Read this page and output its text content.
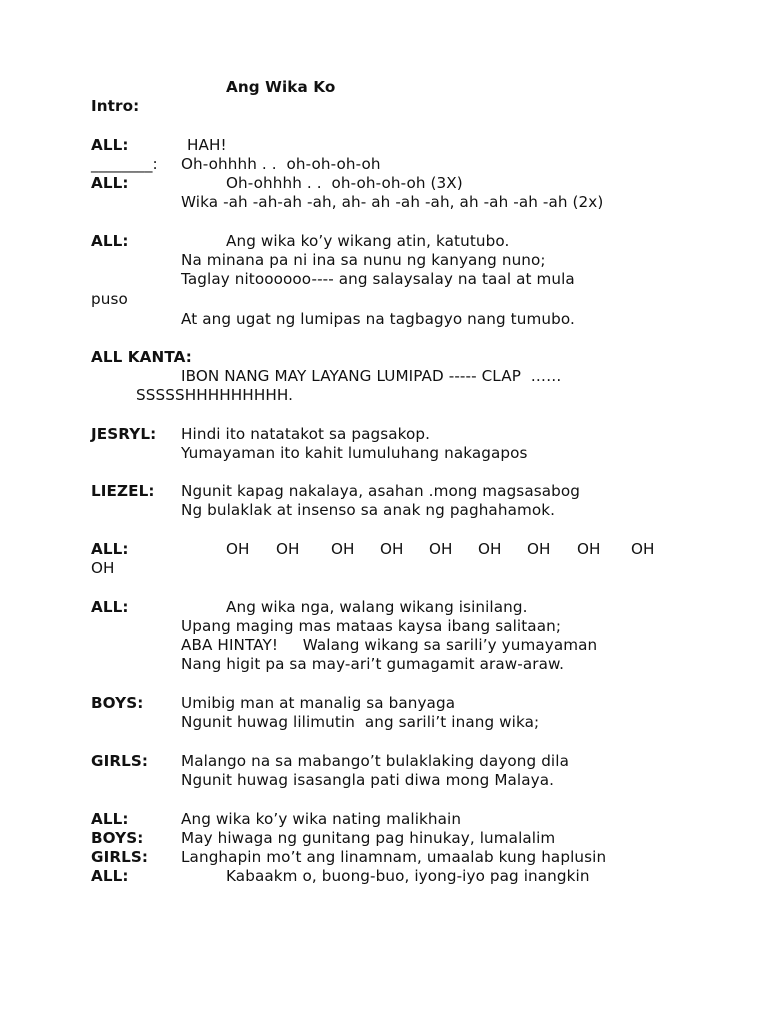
Ang Wika Ko
Intro:
ALL:	HAH!
________: Oh-ohhhh . .  oh-oh-oh-oh
ALL:	Oh-ohhhh . .  oh-oh-oh-oh (3X)
Wika -ah -ah-ah -ah, ah- ah -ah -ah, ah -ah -ah -ah (2x)
ALL:	Ang wika ko’y wikang atin, katutubo.
Na minana pa ni ina sa nunu ng kanyang nuno;
Taglay nitoooooo---- ang salaysalay na taal at mula
puso
At ang ugat ng lumipas na tagbagyo nang tumubo.
ALL KANTA:
IBON NANG MAY LAYANG LUMIPAD ----- CLAP  ……
SSSSSHHHHHHHHH.
JESRYL: Hindi ito natatakot sa pagsakop.
Yumayaman ito kahit lumuluhang nakagapos
LIEZEL: Ngunit kapag nakalaya, asahan .mong magsasabog
Ng bulaklak at insenso sa anak ng paghahamok.
ALL:	OH OH OH OH OH OH OH OH OH
OH
ALL:	Ang wika nga, walang wikang isinilang.
Upang maging mas mataas kaysa ibang salitaan;
ABA HINTAY!     Walang wikang sa sarili’y yumayaman
Nang higit pa sa may-ari’t gumagamit araw-araw.
BOYS: Umibig man at manalig sa banyaga
Ngunit huwag lilimutin  ang sarili’t inang wika;
GIRLS: Malango na sa mabango’t bulaklaking dayong dila
Ngunit huwag isasangla pati diwa mong Malaya.
ALL:	Ang wika ko’y wika nating malikhain
BOYS: May hiwaga ng gunitang pag hinukay, lumalalim
GIRLS: Langhapin mo’t ang linamnam, umaalab kung haplusin
ALL:	Kabaakm o, buong-buo, iyong-iyo pag inangkin
